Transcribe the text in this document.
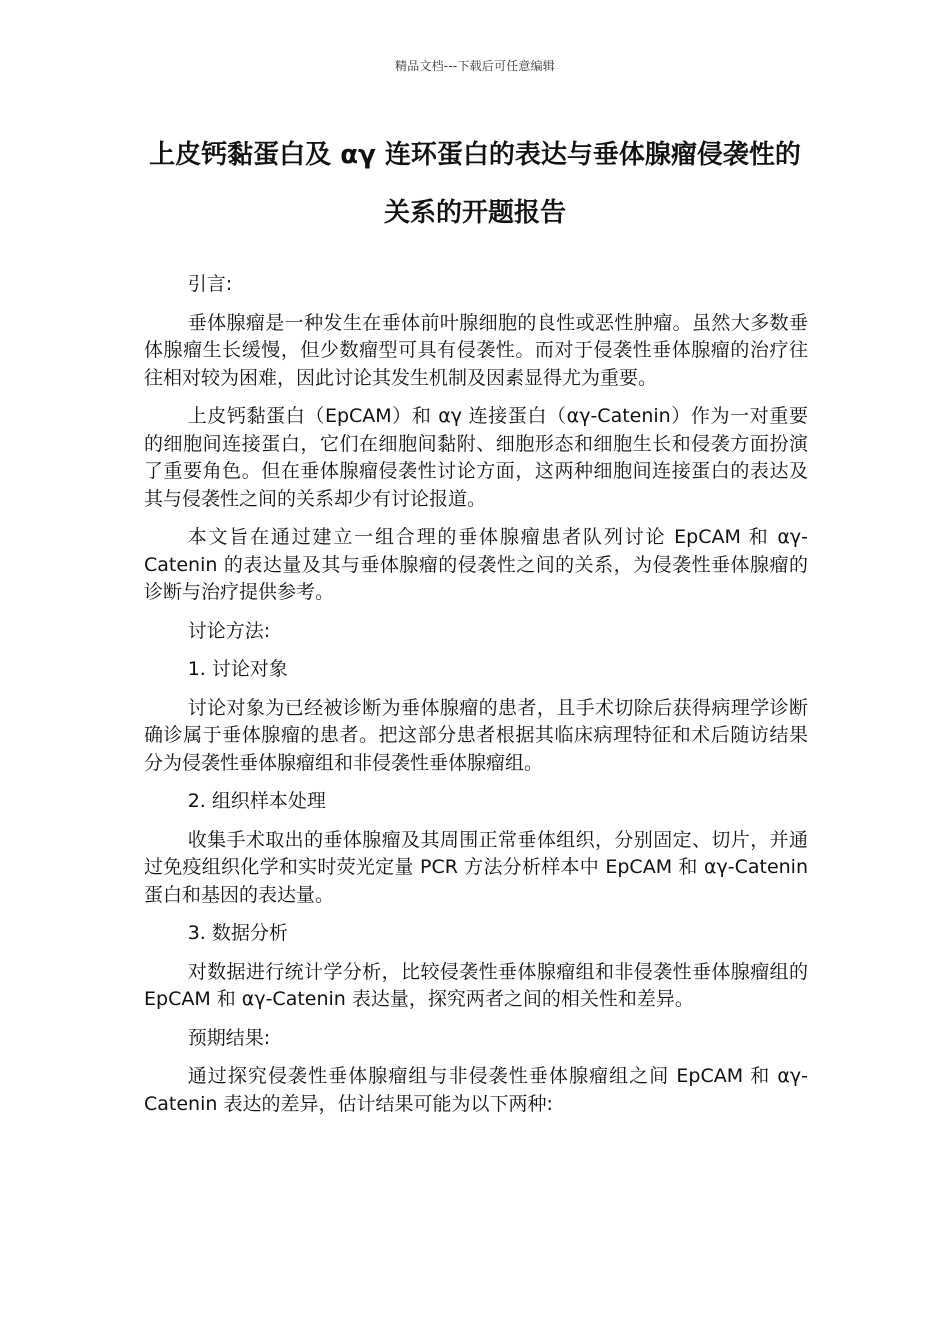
精品文档---下载后可任意编辑
上皮钙黏蛋白及 αγ 连环蛋白的表达与垂体腺瘤侵袭性的关系的开题报告

引言:

垂体腺瘤是一种发生在垂体前叶腺细胞的良性或恶性肿瘤。虽然大多数垂体腺瘤生长缓慢，但少数瘤型可具有侵袭性。而对于侵袭性垂体腺瘤的治疗往往相对较为困难，因此讨论其发生机制及因素显得尤为重要。

上皮钙黏蛋白（EpCAM）和 αγ 连接蛋白（αγ-Catenin）作为一对重要的细胞间连接蛋白，它们在细胞间黏附、细胞形态和细胞生长和侵袭方面扮演了重要角色。但在垂体腺瘤侵袭性讨论方面，这两种细胞间连接蛋白的表达及其与侵袭性之间的关系却少有讨论报道。

本文旨在通过建立一组合理的垂体腺瘤患者队列讨论 EpCAM 和 αγ-Catenin 的表达量及其与垂体腺瘤的侵袭性之间的关系，为侵袭性垂体腺瘤的诊断与治疗提供参考。

讨论方法:

1. 讨论对象

讨论对象为已经被诊断为垂体腺瘤的患者，且手术切除后获得病理学诊断确诊属于垂体腺瘤的患者。把这部分患者根据其临床病理特征和术后随访结果分为侵袭性垂体腺瘤组和非侵袭性垂体腺瘤组。

2. 组织样本处理

收集手术取出的垂体腺瘤及其周围正常垂体组织，分别固定、切片，并通过免疫组织化学和实时荧光定量 PCR 方法分析样本中 EpCAM 和 αγ-Catenin 蛋白和基因的表达量。

3. 数据分析

对数据进行统计学分析，比较侵袭性垂体腺瘤组和非侵袭性垂体腺瘤组的 EpCAM 和 αγ-Catenin 表达量，探究两者之间的相关性和差异。

预期结果:

通过探究侵袭性垂体腺瘤组与非侵袭性垂体腺瘤组之间 EpCAM 和 αγ-Catenin 表达的差异，估计结果可能为以下两种:
